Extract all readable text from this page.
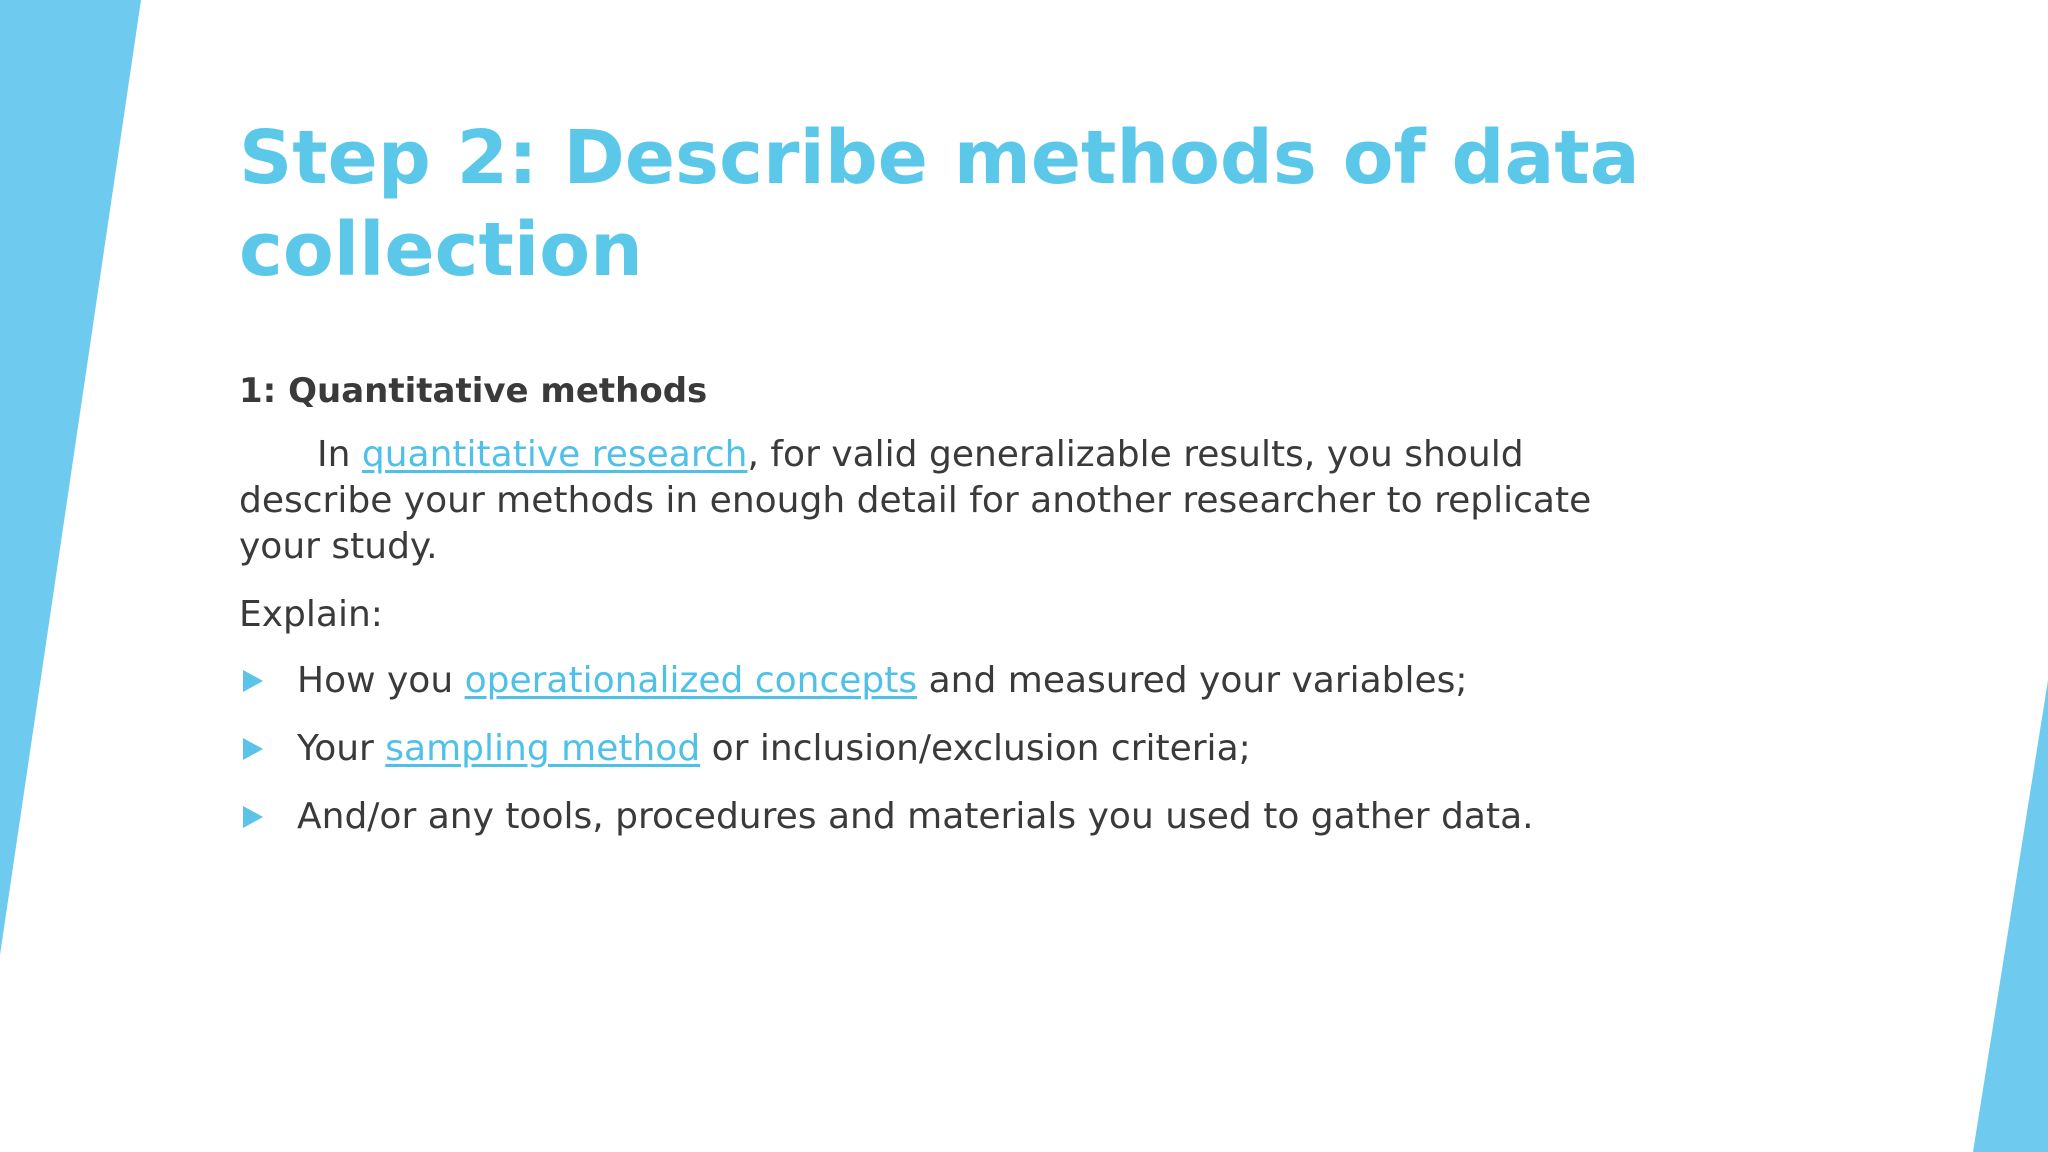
Step 2: Describe methods of data collection
1: Quantitative methods
In quantitative research, for valid generalizable results, you should describe your methods in enough detail for another researcher to replicate your study.
Explain:
How you operationalized concepts and measured your variables;
Your sampling method or inclusion/exclusion criteria;
And/or any tools, procedures and materials you used to gather data.
